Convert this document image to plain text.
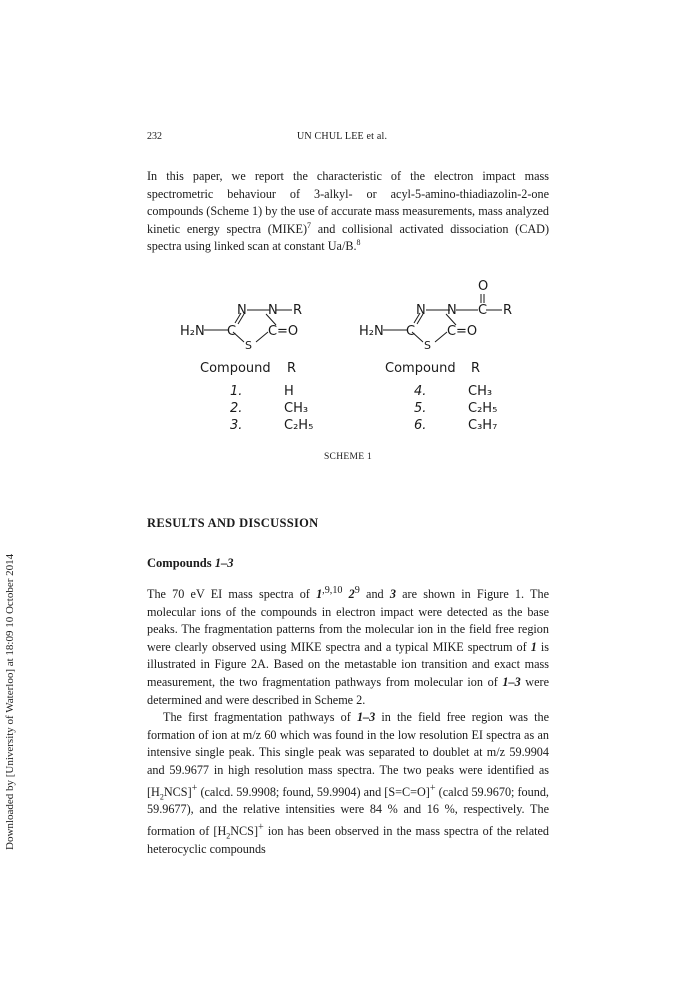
Downloaded by [University of Waterloo] at 18:09 10 October 2014
232	UN CHUL LEE et al.
In this paper, we report the characteristic of the electron impact mass spectrometric behaviour of 3-alkyl- or acyl-5-amino-thiadiazolin-2-one compounds (Scheme 1) by the use of accurate mass measurements, mass analyzed kinetic energy spectra (MIKE)$^7$ and collisional activated dissociation (CAD) spectra using linked scan at constant Ua/B.$^8$
N N R
H₂N C
S
C =O
Compound R
1.	H
2.	CH₃
3.	C₂H₅
O
N N C R
H₂N C
S
C =O
Compound R
4.	CH₃
5.	C₂H₅
6.	C₃H₇
SCHEME 1
RESULTS AND DISCUSSION
Compounds 1–3

The 70 eV EI mass spectra of $1^{,9,10}$ $2^9$ and 3 are shown in Figure 1. The molecular ions of the compounds in electron impact were detected as the base peaks. The fragmentation patterns from the molecular ion in the field free region were clearly observed using MIKE spectra and a typical MIKE spectrum of 1 is illustrated in Figure 2A. Based on the metastable ion transition and exact mass measurement, the two fragmentation pathways from molecular ion of 1–3 were determined and were described in Scheme 2.

The first fragmentation pathways of 1–3 in the field free region was the formation of ion at m/z 60 which was found in the low resolution EI spectra as an intensive single peak. This single peak was separated to doublet at m/z 59.9904 and 59.9677 in high resolution mass spectra. The two peaks were identified as $[H_2NCS]^+$ (calcd. 59.9908; found, 59.9904) and [S=C=O]+ (calcd 59.9670; found, 59.9677), and the relative intensities were 84 % and 16 %, respectively. The formation of $[H_2NCS]^+$ ion has been observed in the mass spectra of the related heterocyclic compounds
